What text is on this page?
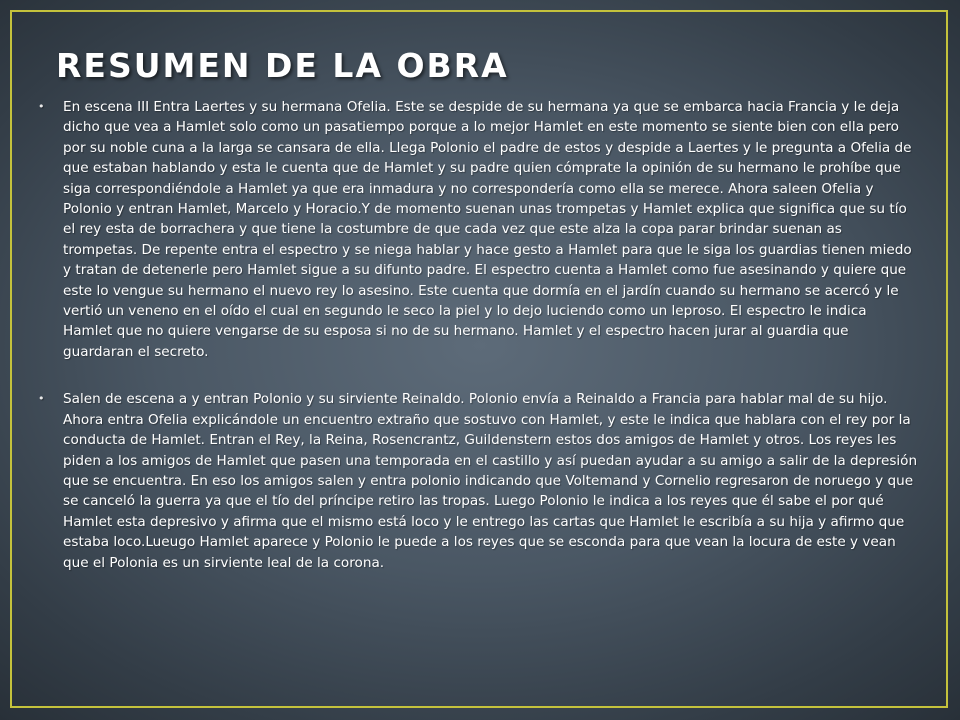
RESUMEN DE LA OBRA
• En escena III Entra Laertes y su hermana Ofelia. Este se despide de su hermana ya que se embarca hacia Francia y le deja dicho que vea a Hamlet solo como un pasatiempo porque a lo mejor Hamlet en este momento se siente bien con ella pero por su noble cuna a la larga se cansara de ella. Llega Polonio el padre de estos y despide a Laertes y le pregunta a Ofelia de que estaban hablando y esta le cuenta que de Hamlet y su padre quien cómprate la opinión de su hermano le prohíbe que siga correspondiéndole a Hamlet ya que era inmadura y no correspondería como ella se merece. Ahora saleen Ofelia y Polonio y entran Hamlet, Marcelo y Horacio.Y de momento suenan unas trompetas y Hamlet explica que significa que su tío el rey esta de borrachera y que tiene la costumbre de que cada vez que este alza la copa parar brindar suenan as trompetas. De repente entra el espectro y se niega hablar y hace gesto a Hamlet para que le siga los guardias tienen miedo y tratan de detenerle pero Hamlet sigue a su difunto padre. El espectro cuenta a Hamlet como fue asesinando y quiere que este lo vengue su hermano el nuevo rey lo asesino. Este cuenta que dormía en el jardín cuando su hermano se acercó y le vertió un veneno en el oído el cual en segundo le seco la piel y lo dejo luciendo como un leproso. El espectro le indica Hamlet que no quiere vengarse de su esposa si no de su hermano. Hamlet y el espectro hacen jurar al guardia que guardaran el secreto.
• Salen de escena a y entran Polonio y su sirviente Reinaldo. Polonio envía a Reinaldo a Francia para hablar mal de su hijo. Ahora entra Ofelia explicándole un encuentro extraño que sostuvo con Hamlet, y este le indica que hablara con el rey por la conducta de Hamlet. Entran el Rey, la Reina, Rosencrantz, Guildenstern estos dos amigos de Hamlet y otros. Los reyes les piden a los amigos de Hamlet que pasen una temporada en el castillo y así puedan ayudar a su amigo a salir de la depresión que se encuentra. En eso los amigos salen y entra polonio indicando que Voltemand y Cornelio regresaron de noruego y que se canceló la guerra ya que el tío del príncipe retiro las tropas. Luego Polonio le indica a los reyes que él sabe el por qué Hamlet esta depresivo y afirma que el mismo está loco y le entrego las cartas que Hamlet le escribía a su hija y afirmo que estaba loco.Lueugo Hamlet aparece y Polonio le puede a los reyes que se esconda para que vean la locura de este y vean que el Polonia es un sirviente leal de la corona.
